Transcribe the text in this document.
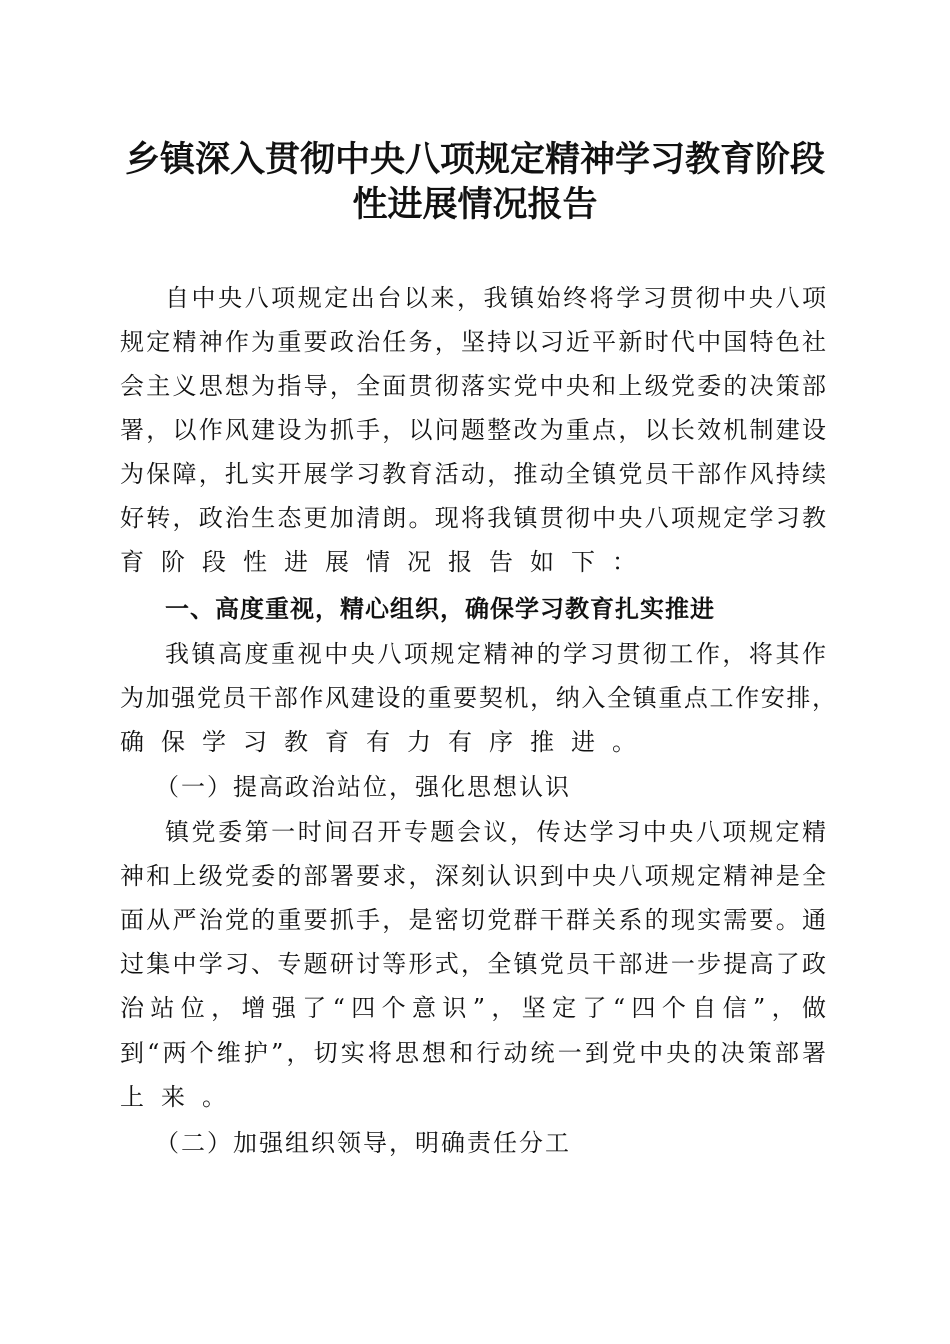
乡镇深入贯彻中央八项规定精神学习教育阶段
性进展情况报告
自中央八项规定出台以来，我镇始终将学习贯彻中央八项
规定精神作为重要政治任务，坚持以习近平新时代中国特色社
会主义思想为指导，全面贯彻落实党中央和上级党委的决策部
署，以作风建设为抓手，以问题整改为重点，以长效机制建设
为保障，扎实开展学习教育活动，推动全镇党员干部作风持续
好转，政治生态更加清朗。现将我镇贯彻中央八项规定学习教
育阶段性进展情况报告如下：
一、高度重视，精心组织，确保学习教育扎实推进
我镇高度重视中央八项规定精神的学习贯彻工作，将其作
为加强党员干部作风建设的重要契机，纳入全镇重点工作安排，
确保学习教育有力有序推进。
（一）提高政治站位，强化思想认识
镇党委第一时间召开专题会议，传达学习中央八项规定精
神和上级党委的部署要求，深刻认识到中央八项规定精神是全
面从严治党的重要抓手，是密切党群干群关系的现实需要。通
过集中学习、专题研讨等形式，全镇党员干部进一步提高了政
治站位，增强了“四个意识”，坚定了“四个自信”，做
到“两个维护”，切实将思想和行动统一到党中央的决策部署
上来。
（二）加强组织领导，明确责任分工
